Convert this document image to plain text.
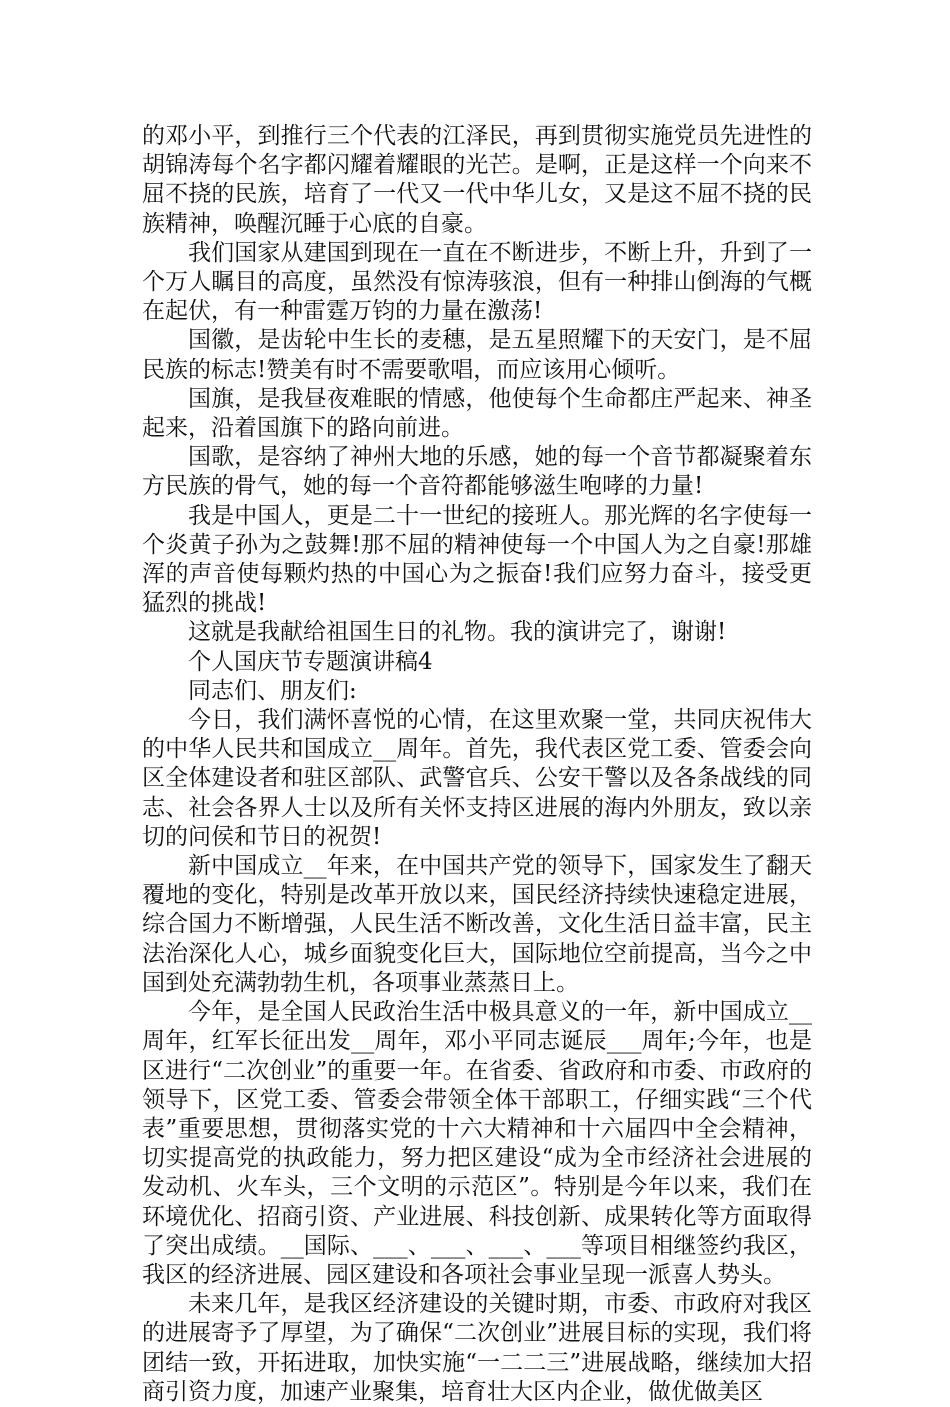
的邓小平，到推行三个代表的江泽民，再到贯彻实施党员先进性的胡锦涛每个名字都闪耀着耀眼的光芒。是啊，正是这样一个向来不屈不挠的民族，培育了一代又一代中华儿女，又是这不屈不挠的民族精神，唤醒沉睡于心底的自豪。

我们国家从建国到现在一直在不断进步，不断上升，升到了一个万人瞩目的高度，虽然没有惊涛骇浪，但有一种排山倒海的气概在起伏，有一种雷霆万钧的力量在激荡!

国徽，是齿轮中生长的麦穗，是五星照耀下的天安门，是不屈民族的标志!赞美有时不需要歌唱，而应该用心倾听。

国旗，是我昼夜难眠的情感，他使每个生命都庄严起来、神圣起来，沿着国旗下的路向前进。

国歌，是容纳了神州大地的乐感，她的每一个音节都凝聚着东方民族的骨气，她的每一个音符都能够滋生咆哮的力量!

我是中国人，更是二十一世纪的接班人。那光辉的名字使每一个炎黄子孙为之鼓舞!那不屈的精神使每一个中国人为之自豪!那雄浑的声音使每颗灼热的中国心为之振奋!我们应努力奋斗，接受更猛烈的挑战!

这就是我献给祖国生日的礼物。我的演讲完了，谢谢!

个人国庆节专题演讲稿4

同志们、朋友们:

今日，我们满怀喜悦的心情，在这里欢聚一堂，共同庆祝伟大的中华人民共和国成立__周年。首先，我代表区党工委、管委会向区全体建设者和驻区部队、武警官兵、公安干警以及各条战线的同志、社会各界人士以及所有关怀支持区进展的海内外朋友，致以亲切的问侯和节日的祝贺!

新中国成立__年来，在中国共产党的领导下，国家发生了翻天覆地的变化，特别是改革开放以来，国民经济持续快速稳定进展，综合国力不断增强，人民生活不断改善，文化生活日益丰富，民主法治深化人心，城乡面貌变化巨大，国际地位空前提高，当今之中国到处充满勃勃生机，各项事业蒸蒸日上。

今年，是全国人民政治生活中极具意义的一年，新中国成立__周年，红军长征出发__周年，邓小平同志诞辰___周年;今年，也是区进行“二次创业”的重要一年。在省委、省政府和市委、市政府的领导下，区党工委、管委会带领全体干部职工，仔细实践“三个代表”重要思想，贯彻落实党的十六大精神和十六届四中全会精神，切实提高党的执政能力，努力把区建设“成为全市经济社会进展的发动机、火车头，三个文明的示范区”。特别是今年以来，我们在环境优化、招商引资、产业进展、科技创新、成果转化等方面取得了突出成绩。__国际、___、___、___、___等项目相继签约我区，我区的经济进展、园区建设和各项社会事业呈现一派喜人势头。

未来几年，是我区经济建设的关键时期，市委、市政府对我区的进展寄予了厚望，为了确保“二次创业”进展目标的实现，我们将团结一致，开拓进取，加快实施“一二二三”进展战略，继续加大招商引资力度，加速产业聚集，培育壮大区内企业，做优做美区
